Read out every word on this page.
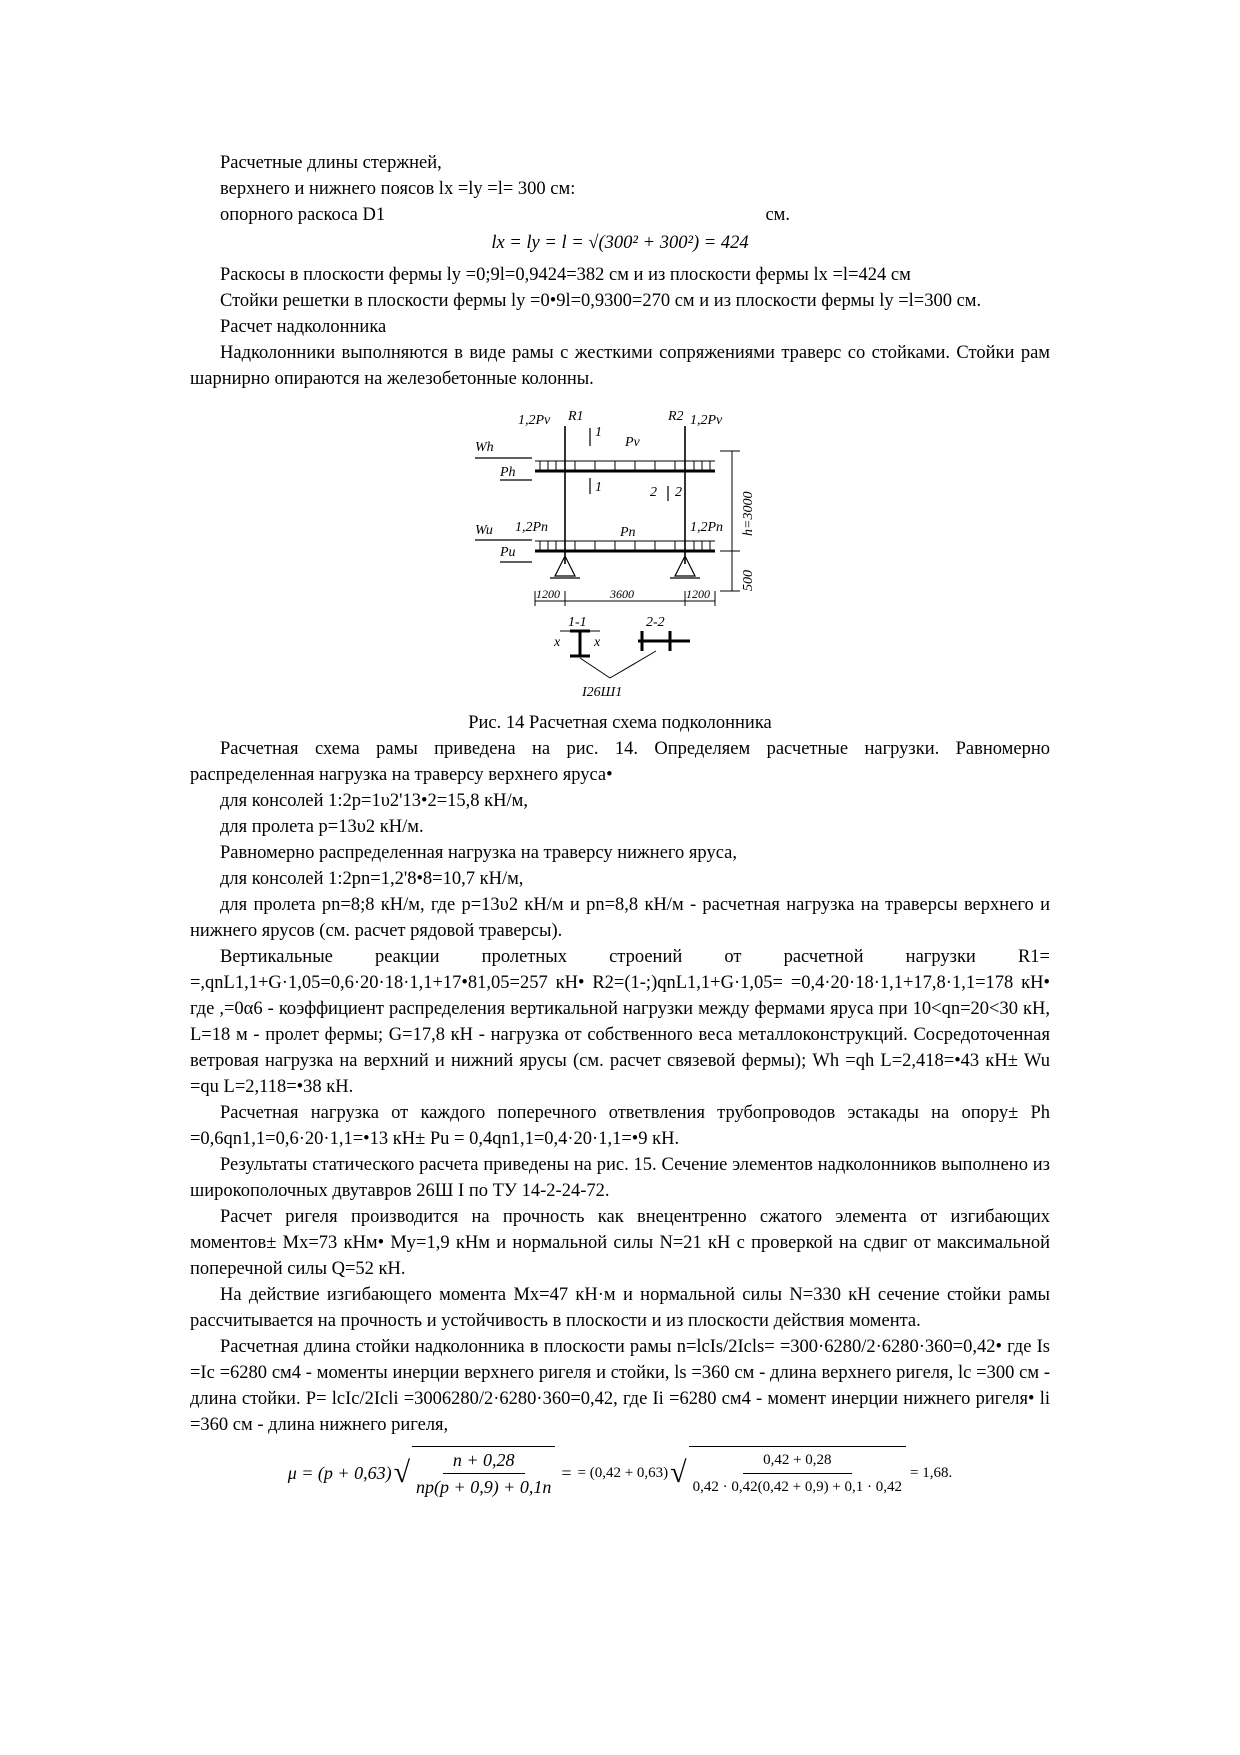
Расчетные длины стержней,

верхнего и нижнего поясов lx =ly =l= 300 см:

опорного раскоса D1	см.

lx = ly = l = √(300² + 300²) = 424

Раскосы в плоскости фермы ly =0;9l=0,9424=382 см и из плоскости фермы lx =l=424 см

Стойки решетки в плоскости фермы ly =0•9l=0,9300=270 см и из плоскости фермы ly =l=300 см.

Расчет надколонника

Надколонники выполняются в виде рамы с жесткими сопряжениями траверс со стойками. Стойки рам шарнирно опираются на железобетонные колонны.

Wh
Ph
Wu
Pu
1,2Pv R1
1
Pv
R2 1,2Pv
1	2 2
1,2Pn	Pn	1,2Pn h=3000
500
1200	3600	1200
1-1	2-2
x x
I26Ш1

Рис. 14 Расчетная схема подколонника

Расчетная схема рамы приведена на рис. 14. Определяем расчетные нагрузки. Равномерно распределенная нагрузка на траверсу верхнего яруса•

для консолей 1:2p=1υ2'13•2=15,8 кН/м,

для пролета p=13υ2 кН/м.

Равномерно распределенная нагрузка на траверсу нижнего яруса,

для консолей 1:2pn=1,2'8•8=10,7 кН/м,

для пролета pn=8;8 кН/м, где p=13υ2 кН/м и pn=8,8 кН/м - расчетная нагрузка на траверсы верхнего и нижнего ярусов (см. расчет рядовой траверсы).

Вертикальные реакции пролетных строений от расчетной нагрузки R1= =,qnL1,1+G·1,05=0,6·20·18·1,1+17•81,05=257 кН• R2=(1-;)qnL1,1+G·1,05= =0,4·20·18·1,1+17,8·1,1=178 кН• где ,=0α6 - коэффициент распределения вертикальной нагрузки между фермами яруса при 10<qn=20<30 кН, L=18 м - пролет фермы; G=17,8 кН - нагрузка от собственного веса металлоконструкций. Сосредоточенная ветровая нагрузка на верхний и нижний ярусы (см. расчет связевой фермы); Wh =qh L=2,418=•43 кН± Wu =qu L=2,118=•38 кН.

Расчетная нагрузка от каждого поперечного ответвления трубопроводов эстакады на опору± Ph =0,6qn1,1=0,6·20·1,1=•13 кН± Pu = 0,4qn1,1=0,4·20·1,1=•9 кН.

Результаты статического расчета приведены на рис. 15. Сечение элементов надколонников выполнено из широкополочных двутавров 26Ш I по ТУ 14-2-24-72.

Расчет ригеля производится на прочность как внецентренно сжатого элемента от изгибающих моментов± Mx=73 кНм• My=1,9 кНм и нормальной силы N=21 кН с проверкой на сдвиг от максимальной поперечной силы Q=52 кН.

На действие изгибающего момента Mx=47 кН·м и нормальной силы N=330 кН сечение стойки рамы рассчитывается на прочность и устойчивость в плоскости и из плоскости действия момента.

Расчетная длина стойки надколонника в плоскости рамы n=lcIs/2Iсls= =300·6280/2·6280·360=0,42• где Is =Ic =6280 см4 - моменты инерции верхнего ригеля и стойки, ls =360 см - длина верхнего ригеля, lc =300 см - длина стойки. P= lcIc/2Icli =3006280/2·6280·360=0,42, где Ii =6280 см4 - момент инерции нижнего ригеля• li =360 см - длина нижнего ригеля,

μ = (p + 0,63) √ $\frac{n + 0,28}{np(p + 0,9) + 0,1n}$ = = (0,42 + 0,63) √ $\frac{0,42 + 0,28}{0,42 \cdot 0,42(0,42 + 0,9) + 0,1 \cdot 0,42} = 1,68$.
